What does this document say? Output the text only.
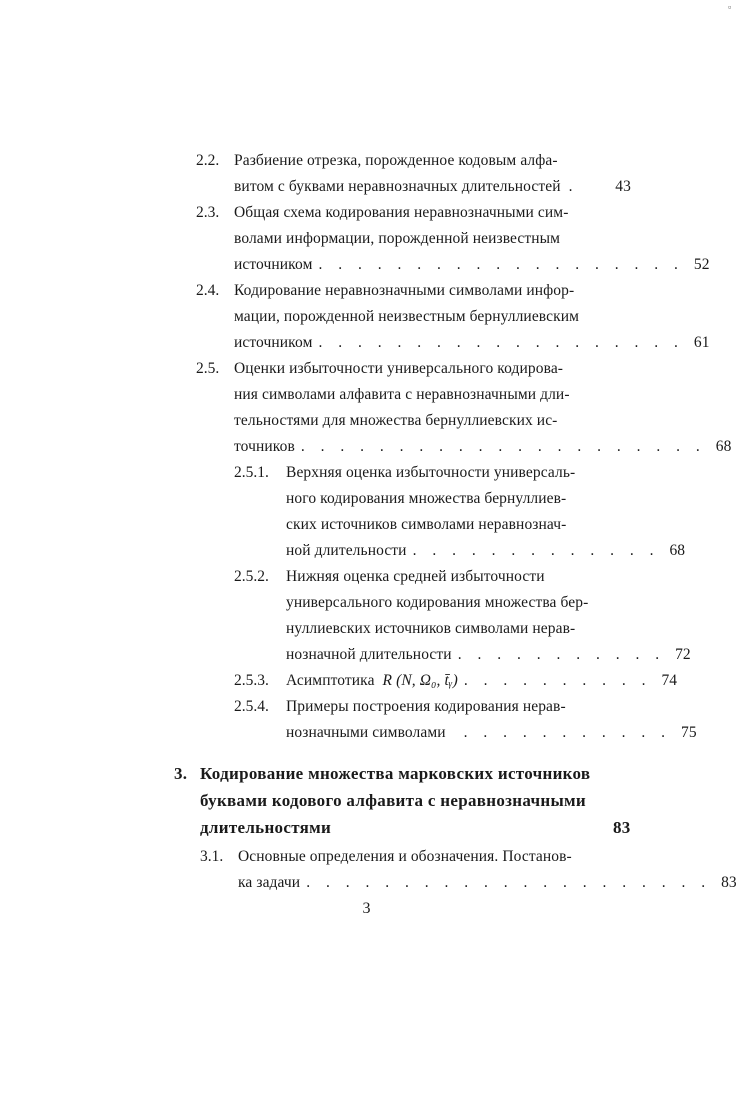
▫
2.2. Разбиение отрезка, порожденное кодовым алфа-
витом с буквами неравнозначных длительностей .	43
2.3. Общая схема кодирования неравнозначными сим-
волами информации, порожденной неизвестным
источником . . . . . . . . . . . . . . . . . . . 52
2.4. Кодирование неравнозначными символами инфор-
мации, порожденной неизвестным бернуллиевским
источником . . . . . . . . . . . . . . . . . . . 61
2.5. Оценки избыточности универсального кодирова-
ния символами алфавита с неравнозначными дли-
тельностями для множества бернуллиевских ис-
точников . . . . . . . . . . . . . . . . . . . . . 68
2.5.1. Верхняя оценка избыточности универсаль-
ного кодирования множества бернуллиев-
ских источников символами неравнознач-
ной длительности . . . . . . . . . . . . . 68
2.5.2. Нижняя оценка средней избыточности
универсального кодирования множества бер-
нуллиевских источников символами нерав-
нозначной длительности . . . . . . . . . . . 72
2.5.3. Асимптотика R (N, Ω₀, t̄ᵧ) . . . . . . . . . . 74
2.5.4. Примеры построения кодирования нерав-
нозначными символами	. . . . . . . . . . . 75
3. Кодирование множества марковских источников
буквами кодового алфавита с неравнозначными
длительностями	83
3.1. Основные определения и обозначения. Постанов-
ка задачи . . . . . . . . . . . . . . . . . . . . . 83
3
